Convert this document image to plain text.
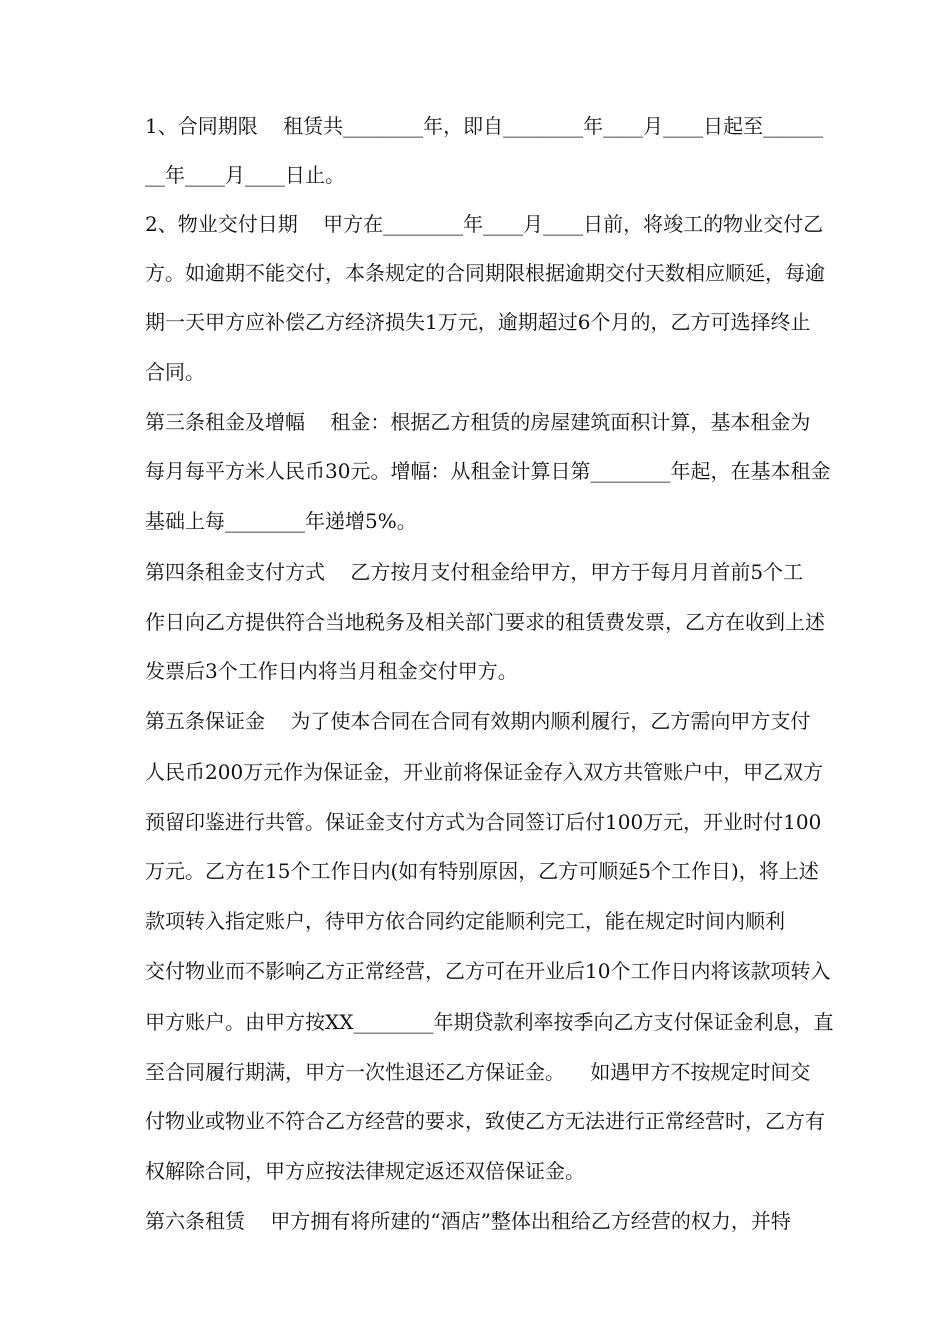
1、合同期限    租赁共________年，即自________年____月____日起至______
__年____月____日止。
2、物业交付日期    甲方在________年____月____日前，将竣工的物业交付乙
方。如逾期不能交付，本条规定的合同期限根据逾期交付天数相应顺延，每逾
期一天甲方应补偿乙方经济损失1万元，逾期超过6个月的，乙方可选择终止
合同。
第三条租金及增幅    租金：根据乙方租赁的房屋建筑面积计算，基本租金为
每月每平方米人民币30元。增幅：从租金计算日第________年起，在基本租金
基础上每________年递增5%。
第四条租金支付方式    乙方按月支付租金给甲方，甲方于每月月首前5个工
作日向乙方提供符合当地税务及相关部门要求的租赁费发票，乙方在收到上述
发票后3个工作日内将当月租金交付甲方。
第五条保证金    为了使本合同在合同有效期内顺利履行，乙方需向甲方支付
人民币200万元作为保证金，开业前将保证金存入双方共管账户中，甲乙双方
预留印鉴进行共管。保证金支付方式为合同签订后付100万元，开业时付100
万元。乙方在15个工作日内(如有特别原因，乙方可顺延5个工作日)，将上述
款项转入指定账户，待甲方依合同约定能顺利完工，能在规定时间内顺利
交付物业而不影响乙方正常经营，乙方可在开业后10个工作日内将该款项转入
甲方账户。由甲方按XX________年期贷款利率按季向乙方支付保证金利息，直
至合同履行期满，甲方一次性退还乙方保证金。    如遇甲方不按规定时间交
付物业或物业不符合乙方经营的要求，致使乙方无法进行正常经营时，乙方有
权解除合同，甲方应按法律规定返还双倍保证金。
第六条租赁    甲方拥有将所建的“酒店”整体出租给乙方经营的权力，并特
